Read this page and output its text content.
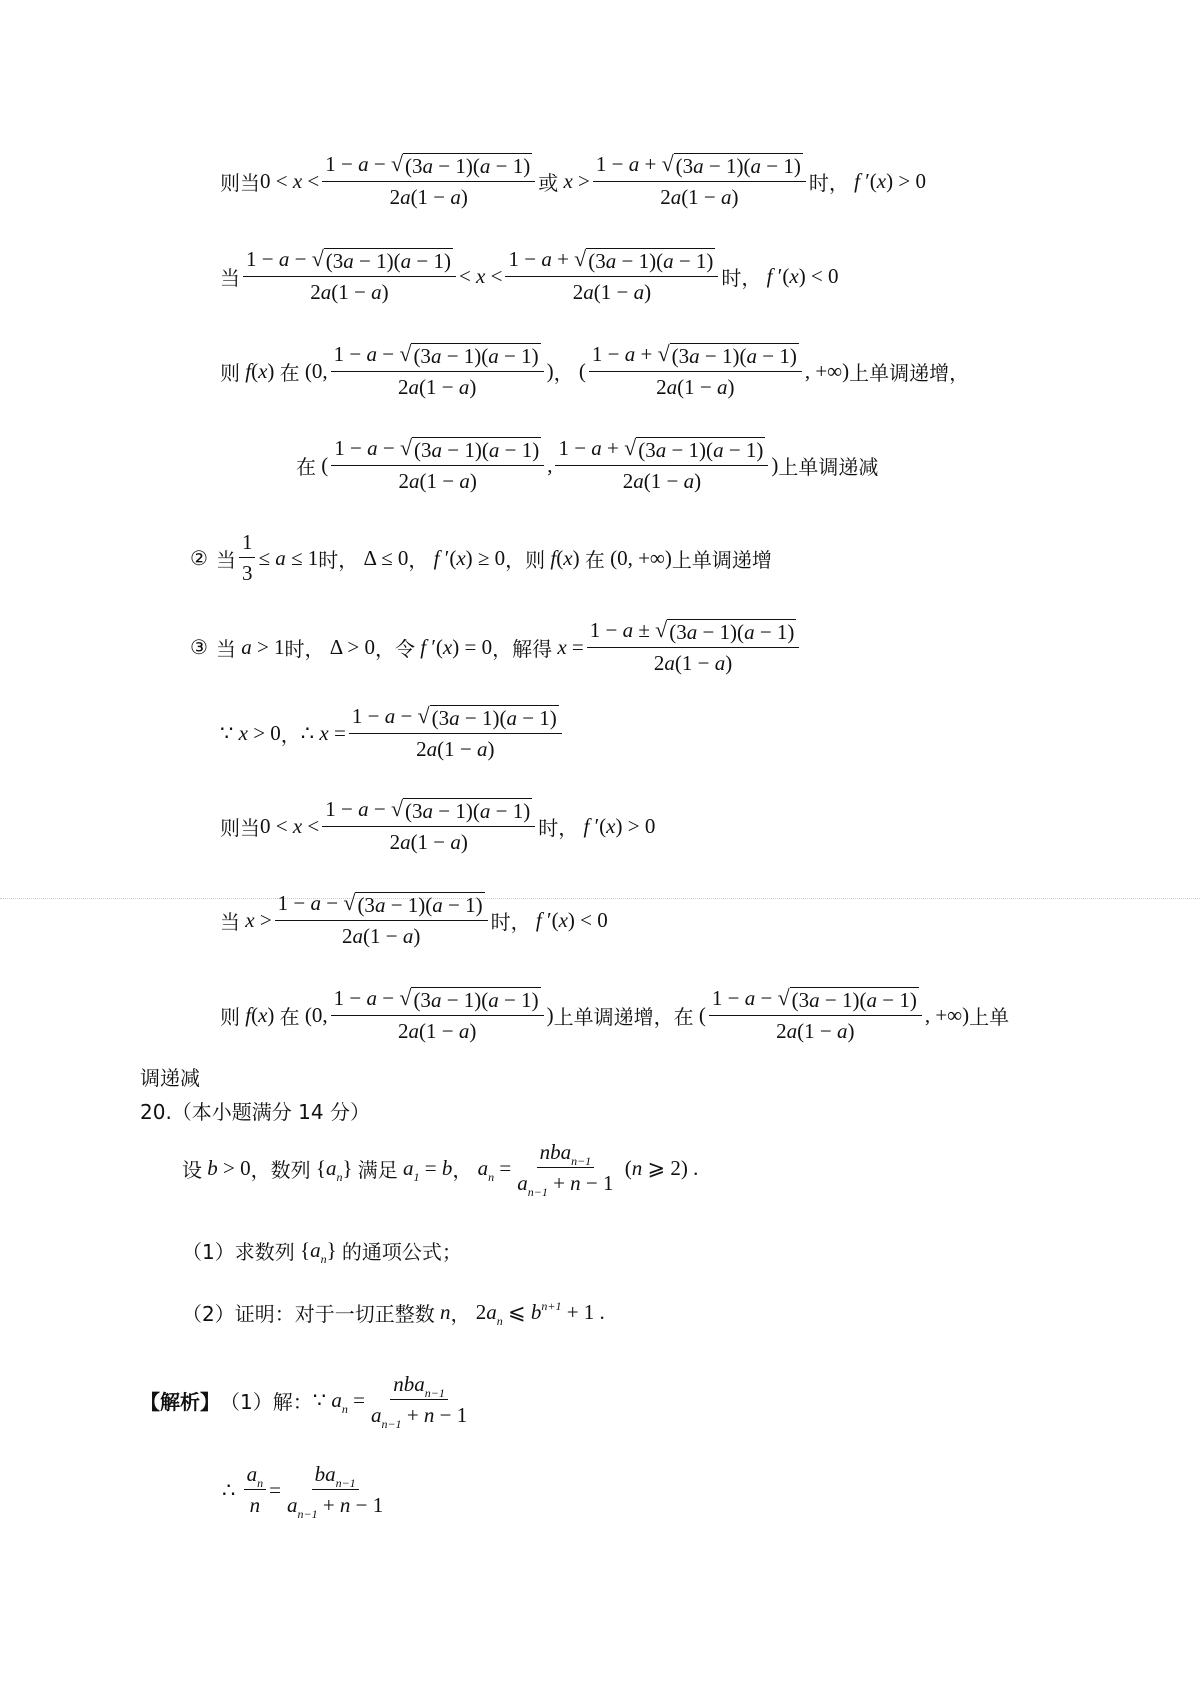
则当 $0 < x < \frac{1 - a - √ (3a - 1)(a - 1)}{2a(1 - a)}$ 或 $x > \frac{1 - a + √ (3a - 1)(a - 1)}{2a(1 - a)}$ 时， f ′(x) > 0
当 $\frac{1 - a - √ (3a - 1)(a - 1)}{2a(1 - a)} < x < \frac{1 - a + √ (3a - 1)(a - 1)}{2a(1 - a)}$ 时， f ′(x) < 0
则 f(x) 在 (0, $\frac{1 - a - √ (3a - 1)(a - 1)}{2a(1 - a)}$ ) ， ( $\frac{1 - a + √ (3a - 1)(a - 1)}{2a(1 - a)}$ , +∞) 上单调递增，
在 ( $\frac{1 - a - √ (3a - 1)(a - 1)}{2a(1 - a)}$ , $\frac{1 - a + √ (3a - 1)(a - 1)}{2a(1 - a)}$ ) 上单调递减
② 当 $\frac{1}{3} \le a \le 1$ 时， Δ ≤ 0 ， f ′(x) ≥ 0 ，则 f(x) 在 (0, +∞) 上单调递增
③ 当 a > 1 时， Δ > 0 ，令 f ′(x) = 0 ，解得 $x = \frac{1 - a \pm √ (3a - 1)(a - 1)}{2a(1 - a)}$
∵ x > 0 ， ∴ $x = \frac{1 - a - √ (3a - 1)(a - 1)}{2a(1 - a)}$
则当 $0 < x < \frac{1 - a - √ (3a - 1)(a - 1)}{2a(1 - a)}$ 时， f ′(x) > 0
当 $x > \frac{1 - a - √ (3a - 1)(a - 1)}{2a(1 - a)}$ 时， f ′(x) < 0
则 f(x) 在 (0, $\frac{1 - a - √ (3a - 1)(a - 1)}{2a(1 - a)}$ ) 上单调递增，在 ( $\frac{1 - a - √ (3a - 1)(a - 1)}{2a(1 - a)}$ , +∞) 上单
调递减
20.（本小题满分 14 分）
设 b > 0 ，数列 $\{a_n\}$ 满足 $a_1 = b$ ， $a_n = \frac{nba_{n-1}}{a_{n-1} + n - 1} (n$ ⩾ 2) .
（1）求数列 $\{a_n\}$ 的通项公式；
（2）证明：对于一切正整数 n ， $2a_n$ ⩽ $b^{n+1} + 1$ .
【解析】 （1）解： ∵ $a_n = \frac{nba_{n-1}}{a_{n-1} + n - 1}$
∴ $\frac{a_n}{n} = \frac{ba_{n-1}}{a_{n-1} + n - 1}$
